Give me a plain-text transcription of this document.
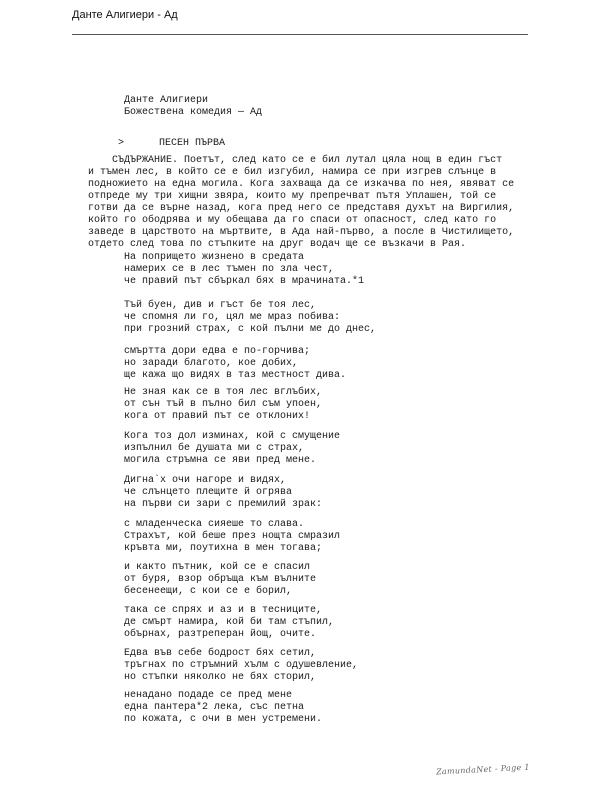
Данте Алигиери - Ад
Данте Алигиери
Божествена комедия — Ад
>	ПЕСЕН ПЪРВА
СЪДЪРЖАНИЕ. Поетът, след като се е бил лутал цяла нощ в един гъст
и тъмен лес, в който се е бил изгубил, намира се при изгрев слънце в
подножието на една могила. Кога захваща да се изкачва по нея, явяват се
отпреде му три хищни звяра, които му препречват пътя Уплашен, той се
готви да се върне назад, кога пред него се представя духът на Виргилия,
който го ободрява и му обещава да го спаси от опасност, след като го
заведе в царството на мъртвите, в Ада най-първо, а после в Чистилището,
отдето след това по стъпките на друг водач ще се възкачи в Рая.
На попрището жизнено в средата
намерих се в лес тъмен по зла чест,
че правий път сбъркал бях в мрачината.*1
Тъй буен, див и гъст бе тоя лес,
че спомня ли го, цял ме мраз побива:
при грозний страх, с кой пълни ме до днес,
смъртта дори едва е по-горчива;
но заради благото, кое добих,
ще кажа що видях в таз местност дива.
Не зная как се в тоя лес вглъбих,
от сън тъй в пълно бил съм упоен,
кога от правий път се отклоних!
Кога тоз дол изминах, кой с смущение
изпълнил бе душата ми с страх,
могила стръмна се яви пред мене.
Дигна`х очи нагоре и видях,
че слънцето плещите й огрява
на първи си зари с премилий зрак:
с младенческа сияеше то слава.
Страхът, кой беше през нощта смразил
кръвта ми, поутихна в мен тогава;
и както пътник, кой се е спасил
от буря, взор обръща към вълните
бесенеещи, с кои се е борил,
така се спрях и аз и в тесниците,
де смърт намира, кой би там стъпил,
обърнах, разтреперан йощ, очите.
Едва във себе бодрост бях сетил,
тръгнах по стръмний хълм с одушевление,
но стъпки няколко не бях сторил,
ненадано подаде се пред мене
една пантера*2 лека, със петна
по кожата, с очи в мен устремени.
ZamundaNet - Page 1
